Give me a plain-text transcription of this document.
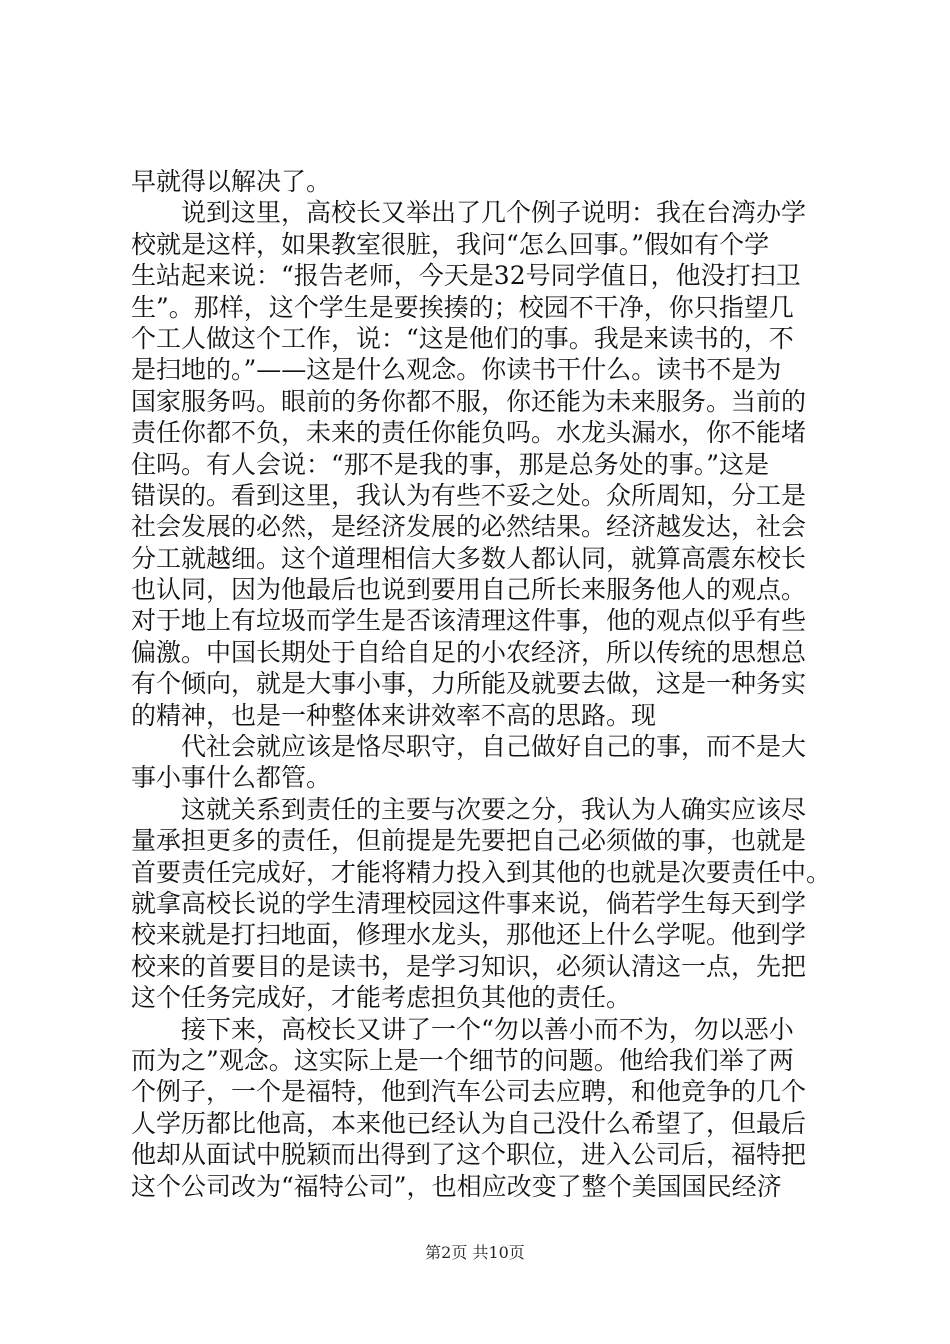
早就得以解决了。
　　说到这里，高校长又举出了几个例子说明：我在台湾办学
校就是这样，如果教室很脏，我问“怎么回事。”假如有个学
生站起来说：“报告老师，今天是32号同学值日，他没打扫卫
生”。那样，这个学生是要挨揍的；校园不干净，你只指望几
个工人做这个工作，说：“这是他们的事。我是来读书的，不
是扫地的。”——这是什么观念。你读书干什么。读书不是为
国家服务吗。眼前的务你都不服，你还能为未来服务。当前的
责任你都不负，未来的责任你能负吗。水龙头漏水，你不能堵
住吗。有人会说：“那不是我的事，那是总务处的事。”这是
错误的。看到这里，我认为有些不妥之处。众所周知，分工是
社会发展的必然，是经济发展的必然结果。经济越发达，社会
分工就越细。这个道理相信大多数人都认同，就算高震东校长
也认同，因为他最后也说到要用自己所长来服务他人的观点。
对于地上有垃圾而学生是否该清理这件事，他的观点似乎有些
偏激。中国长期处于自给自足的小农经济，所以传统的思想总
有个倾向，就是大事小事，力所能及就要去做，这是一种务实
的精神，也是一种整体来讲效率不高的思路。现
　　代社会就应该是恪尽职守，自己做好自己的事，而不是大
事小事什么都管。
　　这就关系到责任的主要与次要之分，我认为人确实应该尽
量承担更多的责任，但前提是先要把自己必须做的事，也就是
首要责任完成好，才能将精力投入到其他的也就是次要责任中。
就拿高校长说的学生清理校园这件事来说，倘若学生每天到学
校来就是打扫地面，修理水龙头，那他还上什么学呢。他到学
校来的首要目的是读书，是学习知识，必须认清这一点，先把
这个任务完成好，才能考虑担负其他的责任。
　　接下来，高校长又讲了一个“勿以善小而不为，勿以恶小
而为之”观念。这实际上是一个细节的问题。他给我们举了两
个例子，一个是福特，他到汽车公司去应聘，和他竞争的几个
人学历都比他高，本来他已经认为自己没什么希望了，但最后
他却从面试中脱颖而出得到了这个职位，进入公司后，福特把
这个公司改为“福特公司”，也相应改变了整个美国国民经济
第2页 共10页
